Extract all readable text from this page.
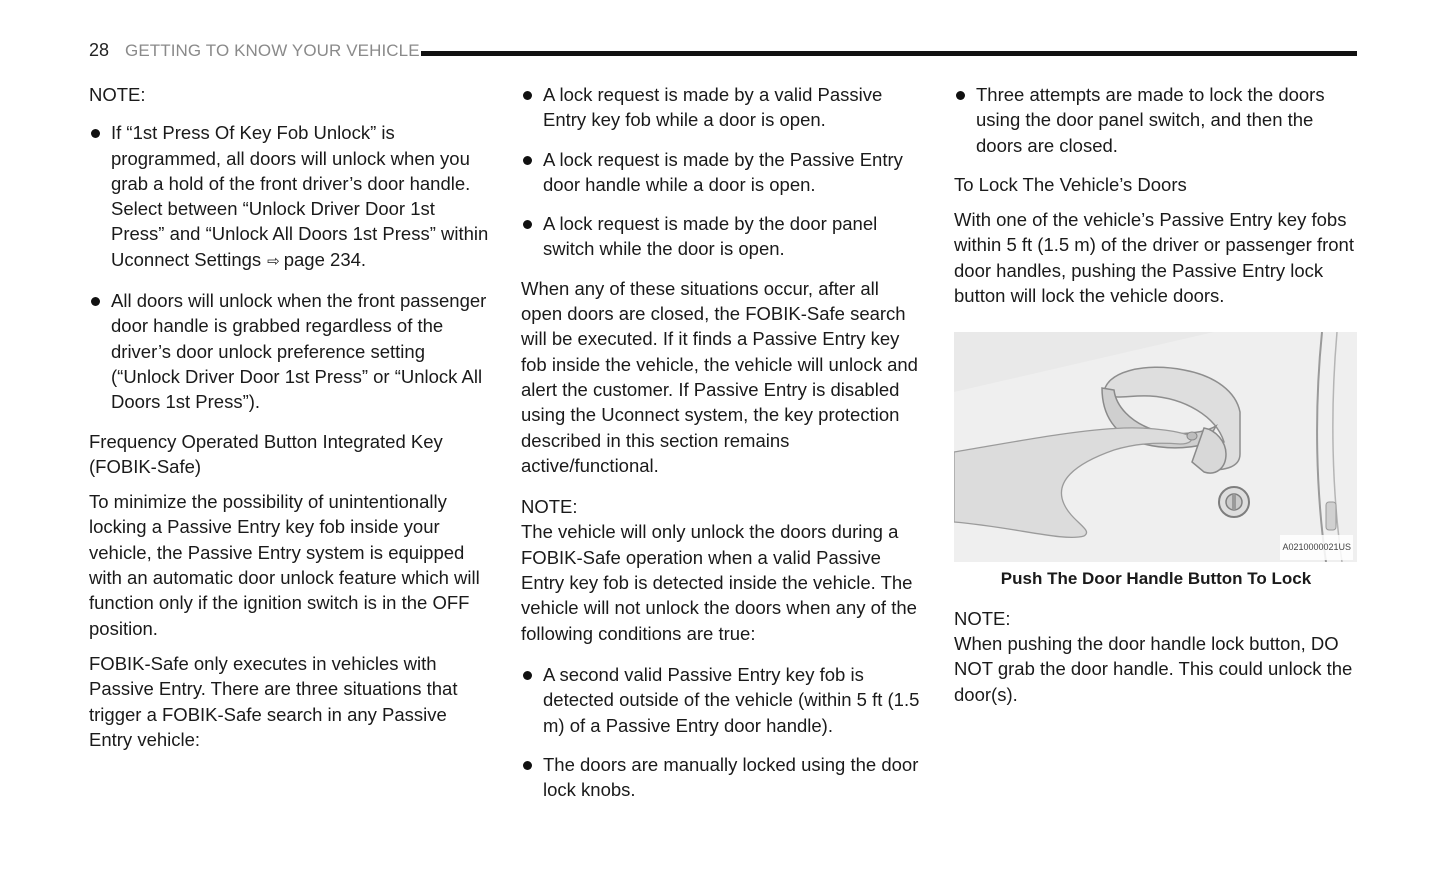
28 GETTING TO KNOW YOUR VEHICLE
NOTE:
If “1st Press Of Key Fob Unlock” is programmed, all doors will unlock when you grab a hold of the front driver’s door handle. Select between “Unlock Driver Door 1st Press” and “Unlock All Doors 1st Press” within Uconnect Settings ⇨ page 234.
All doors will unlock when the front passenger door handle is grabbed regardless of the driver’s door unlock preference setting (“Unlock Driver Door 1st Press” or “Unlock All Doors 1st Press”).
Frequency Operated Button Integrated Key (FOBIK-Safe)

To minimize the possibility of unintentionally locking a Passive Entry key fob inside your vehicle, the Passive Entry system is equipped with an automatic door unlock feature which will function only if the ignition switch is in the OFF position.

FOBIK-Safe only executes in vehicles with Passive Entry. There are three situations that trigger a FOBIK-Safe search in any Passive Entry vehicle:

A lock request is made by a valid Passive Entry key fob while a door is open.
A lock request is made by the Passive Entry door handle while a door is open.
A lock request is made by the door panel switch while the door is open.

When any of these situations occur, after all open doors are closed, the FOBIK-Safe search will be executed. If it finds a Passive Entry key fob inside the vehicle, the vehicle will unlock and alert the customer. If Passive Entry is disabled using the Uconnect system, the key protection described in this section remains active/functional.

NOTE:
The vehicle will only unlock the doors during a FOBIK-Safe operation when a valid Passive Entry key fob is detected inside the vehicle. The vehicle will not unlock the doors when any of the following conditions are true:
A second valid Passive Entry key fob is detected outside of the vehicle (within 5 ft (1.5 m) of a Passive Entry door handle).
The doors are manually locked using the door lock knobs.
Three attempts are made to lock the doors using the door panel switch, and then the doors are closed.
To Lock The Vehicle’s Doors

With one of the vehicle’s Passive Entry key fobs within 5 ft (1.5 m) of the driver or passenger front door handles, pushing the Passive Entry lock button will lock the vehicle doors.

A0210000021US
Push The Door Handle Button To Lock
NOTE:
When pushing the door handle lock button, DO NOT grab the door handle. This could unlock the door(s).
